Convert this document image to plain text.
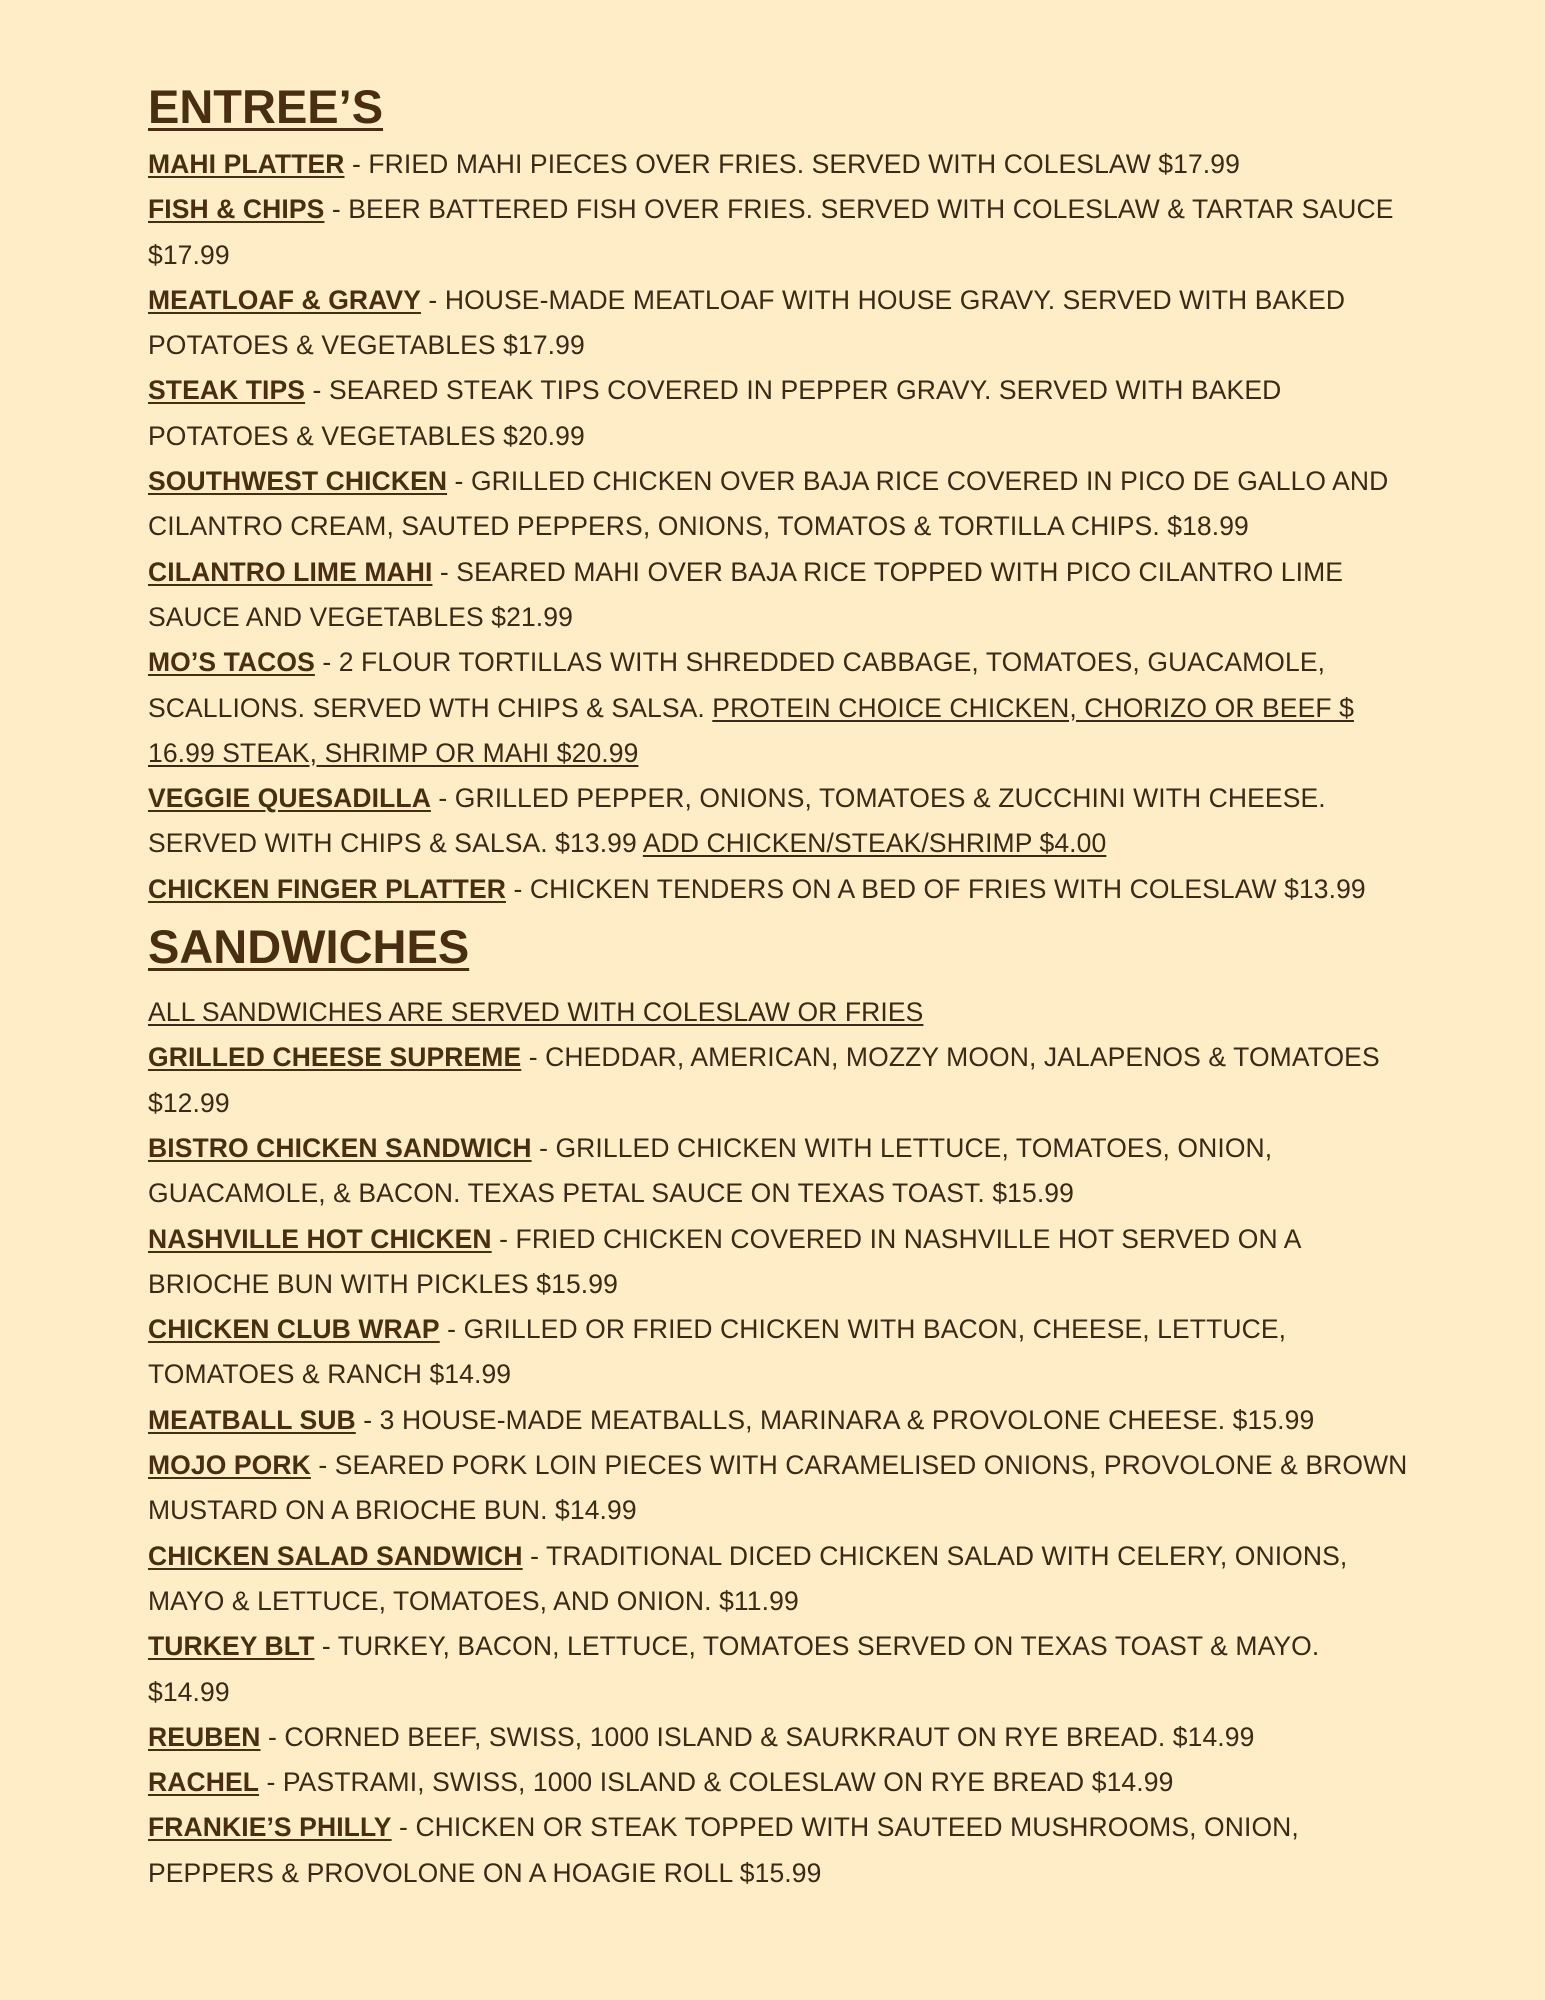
ENTREE’S

MAHI PLATTER - FRIED MAHI PIECES OVER FRIES. SERVED WITH COLESLAW $17.99

FISH & CHIPS - BEER BATTERED FISH OVER FRIES. SERVED WITH COLESLAW & TARTAR SAUCE $17.99

MEATLOAF & GRAVY - HOUSE-MADE MEATLOAF WITH HOUSE GRAVY. SERVED WITH BAKED POTATOES & VEGETABLES $17.99

STEAK TIPS - SEARED STEAK TIPS COVERED IN PEPPER GRAVY. SERVED WITH BAKED POTATOES & VEGETABLES $20.99

SOUTHWEST CHICKEN - GRILLED CHICKEN OVER BAJA RICE COVERED IN PICO DE GALLO AND CILANTRO CREAM, SAUTED PEPPERS, ONIONS, TOMATOS & TORTILLA CHIPS. $18.99

CILANTRO LIME MAHI - SEARED MAHI OVER BAJA RICE TOPPED WITH PICO CILANTRO LIME SAUCE AND VEGETABLES $21.99

MO’S TACOS - 2 FLOUR TORTILLAS WITH SHREDDED CABBAGE, TOMATOES, GUACAMOLE, SCALLIONS. SERVED WTH CHIPS & SALSA. PROTEIN CHOICE CHICKEN, CHORIZO OR BEEF $ 16.99 STEAK, SHRIMP OR MAHI $20.99

VEGGIE QUESADILLA - GRILLED PEPPER, ONIONS, TOMATOES & ZUCCHINI WITH CHEESE. SERVED WITH CHIPS & SALSA. $13.99 ADD CHICKEN/STEAK/SHRIMP $4.00

CHICKEN FINGER PLATTER - CHICKEN TENDERS ON A BED OF FRIES WITH COLESLAW $13.99

SANDWICHES

ALL SANDWICHES ARE SERVED WITH COLESLAW OR FRIES

GRILLED CHEESE SUPREME - CHEDDAR, AMERICAN, MOZZY MOON, JALAPENOS & TOMATOES $12.99

BISTRO CHICKEN SANDWICH - GRILLED CHICKEN WITH LETTUCE, TOMATOES, ONION, GUACAMOLE, & BACON. TEXAS PETAL SAUCE ON TEXAS TOAST. $15.99

NASHVILLE HOT CHICKEN - FRIED CHICKEN COVERED IN NASHVILLE HOT SERVED ON A BRIOCHE BUN WITH PICKLES $15.99

CHICKEN CLUB WRAP - GRILLED OR FRIED CHICKEN WITH BACON, CHEESE, LETTUCE, TOMATOES & RANCH $14.99

MEATBALL SUB - 3 HOUSE-MADE MEATBALLS, MARINARA & PROVOLONE CHEESE. $15.99

MOJO PORK - SEARED PORK LOIN PIECES WITH CARAMELISED ONIONS, PROVOLONE & BROWN MUSTARD ON A BRIOCHE BUN. $14.99

CHICKEN SALAD SANDWICH - TRADITIONAL DICED CHICKEN SALAD WITH CELERY, ONIONS, MAYO & LETTUCE, TOMATOES, AND ONION. $11.99

TURKEY BLT - TURKEY, BACON, LETTUCE, TOMATOES SERVED ON TEXAS TOAST & MAYO. $14.99

REUBEN - CORNED BEEF, SWISS, 1000 ISLAND & SAURKRAUT ON RYE BREAD. $14.99

RACHEL - PASTRAMI, SWISS, 1000 ISLAND & COLESLAW ON RYE BREAD $14.99

FRANKIE’S PHILLY - CHICKEN OR STEAK TOPPED WITH SAUTEED MUSHROOMS, ONION, PEPPERS & PROVOLONE ON A HOAGIE ROLL $15.99
